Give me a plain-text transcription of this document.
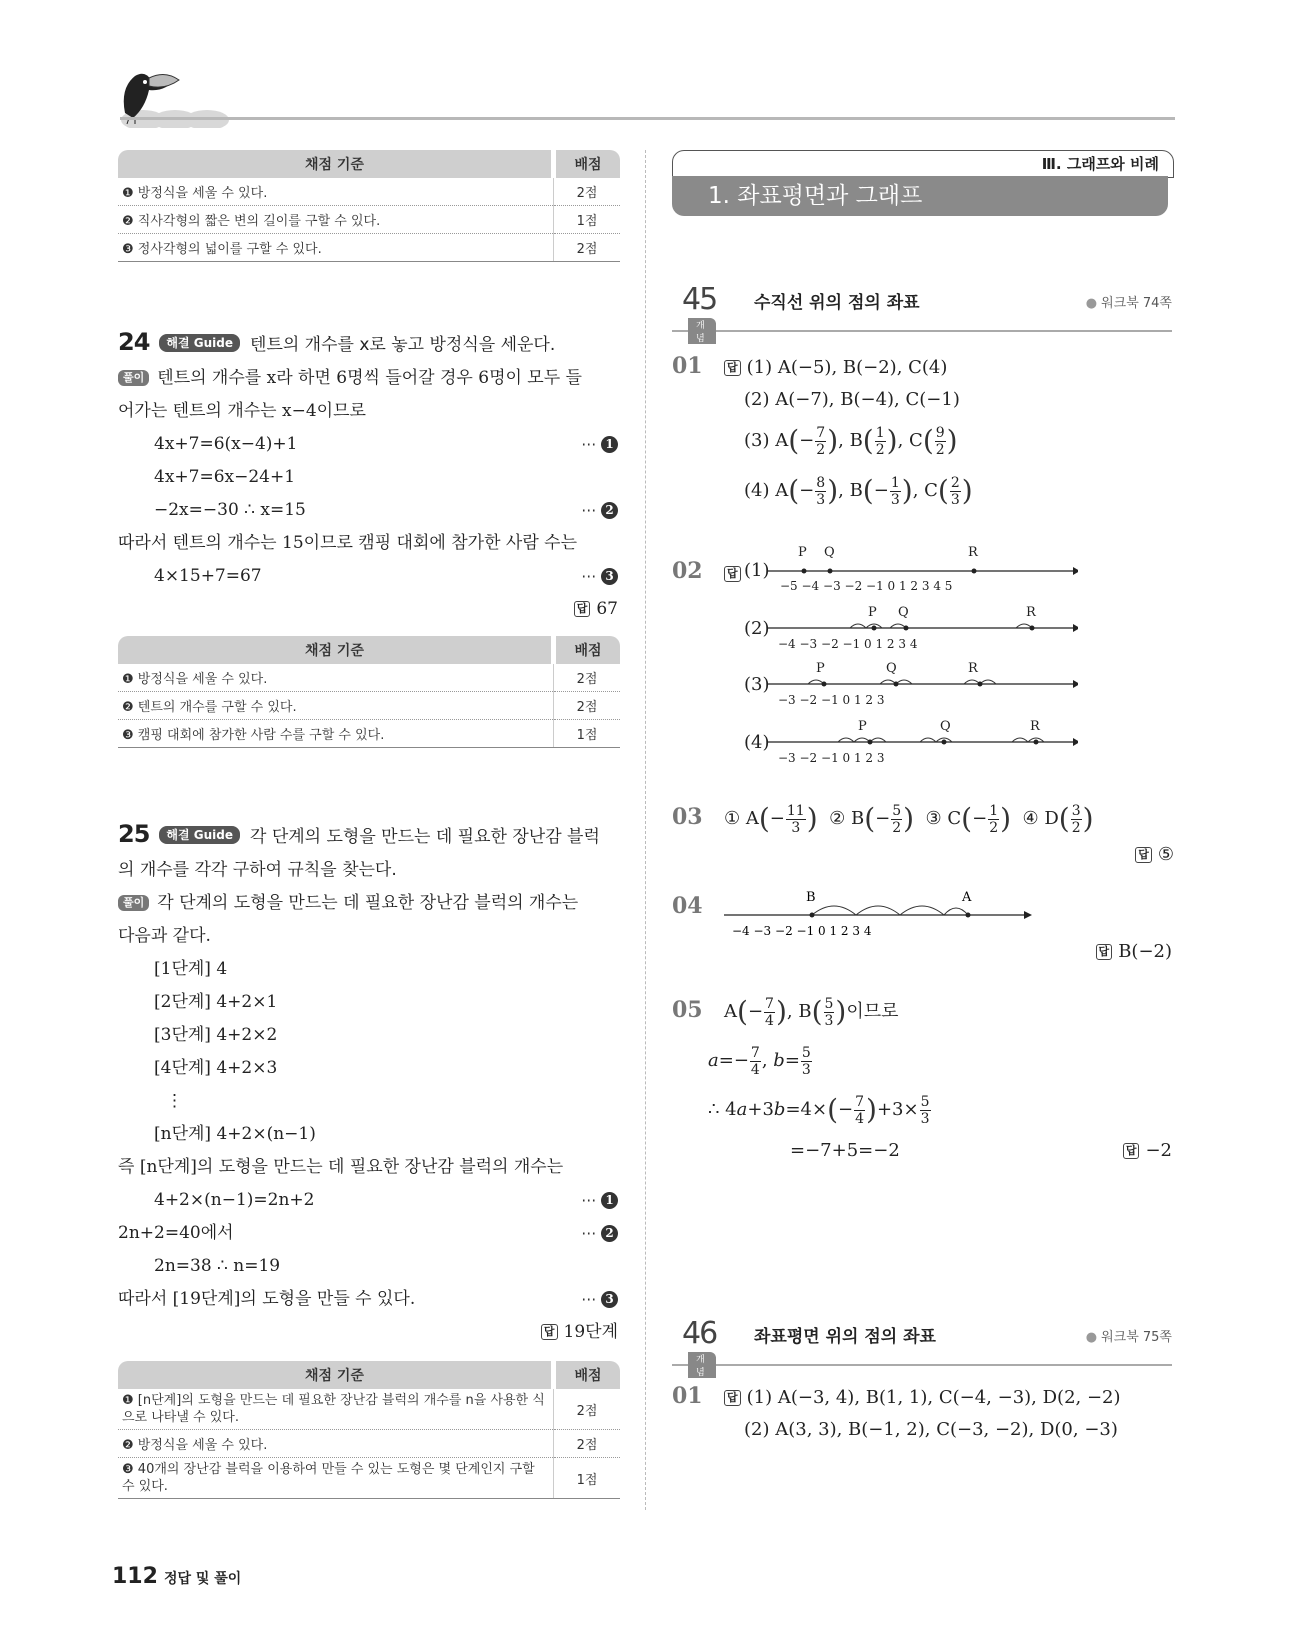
채점 기준	배점
❶ 방정식을 세울 수 있다.	2점
❷ 직사각형의 짧은 변의 길이를 구할 수 있다.	1점
❸ 정사각형의 넓이를 구할 수 있다.	2점
24 해결 Guide 텐트의 개수를 x로 놓고 방정식을 세운다.
풀이 텐트의 개수를 x라 하면 6명씩 들어갈 경우 6명이 모두 들
어가는 텐트의 개수는 x−4이므로
4x+7=6(x−4)+1	⋯ 1
4x+7=6x−24+1
−2x=−30 ∴ x=15	⋯ 2
따라서 텐트의 개수는 15이므로 캠핑 대회에 참가한 사람 수는
4×15+7=67	⋯ 3
답 67
채점 기준	배점
❶ 방정식을 세울 수 있다.	2점
❷ 텐트의 개수를 구할 수 있다.	2점
❸ 캠핑 대회에 참가한 사람 수를 구할 수 있다.	1점
25 해결 Guide 각 단계의 도형을 만드는 데 필요한 장난감 블럭
의 개수를 각각 구하여 규칙을 찾는다.
풀이 각 단계의 도형을 만드는 데 필요한 장난감 블럭의 개수는
다음과 같다.
[1단계] 4
[2단계] 4+2×1
[3단계] 4+2×2
[4단계] 4+2×3
⋮
[n단계] 4+2×(n−1)
즉 [n단계]의 도형을 만드는 데 필요한 장난감 블럭의 개수는
4+2×(n−1)=2n+2	⋯ 1
2n+2=40에서	⋯ 2
2n=38 ∴ n=19
따라서 [19단계]의 도형을 만들 수 있다.	⋯ 3
답 19단계
채점 기준	배점
❶ [n단계]의 도형을 만드는 데 필요한 장난감 블럭의 개수를 n을 사용한 식으로 나타낼 수 있다.	2점
❷ 방정식을 세울 수 있다.	2점
❸ 40개의 장난감 블럭을 이용하여 만들 수 있는 도형은 몇 단계인지 구할 수 있다.	1점
Ⅲ. 그래프와 비례
1. 좌표평면과 그래프
45
개념
수직선 위의 점의 좌표	● 워크북 74쪽
01 답 (1) A(−5), B(−2), C(4)
(2) A(−7), B(−4), C(−1)
(3) $A(- \frac{7}{2}$ ), $B( \frac{1}{2}$ ), $C( \frac{9}{2}$ )
(4) $A(- \frac{8}{3}$ ), $B(- \frac{1}{3}$ ), $C( \frac{2}{3}$ )
02	답 (1)
(2)
(3)
(4)
P Q	R
−5 −4 −3 −2 −1 0 1 2 3 4 5
P Q	R
−4 −3 −2 −1 0 1 2 3 4
P	Q	R
−3 −2 −1 0 1 2 3
P	Q	R
−3 −2 −1 0 1 2 3
03 ① $A(- \frac{11}{3}$ )  ② $B(- \frac{5}{2}$ )  ③ $C(- \frac{1}{2}$ )  ④ $D( \frac{3}{2}$ )
답 ⑤
04	B	A
−4 −3 −2 −1 0 1 2 3 4
답 B(−2)
05 $A(- \frac{7}{4}$ ), $B( \frac{5}{3}$ )이므로
$a=- \frac{7}{4}$ , $b= \frac{5}{3}$
∴ $4a+3b=4\times(- \frac{7}{4} )+3\times \frac{5}{3}$
=−7+5=−2	답 −2
46
개념
좌표평면 위의 점의 좌표	● 워크북 75쪽
01 답 (1) A(−3, 4), B(1, 1), C(−4, −3), D(2, −2)
(2) A(3, 3), B(−1, 2), C(−3, −2), D(0, −3)
112 정답 및 풀이
